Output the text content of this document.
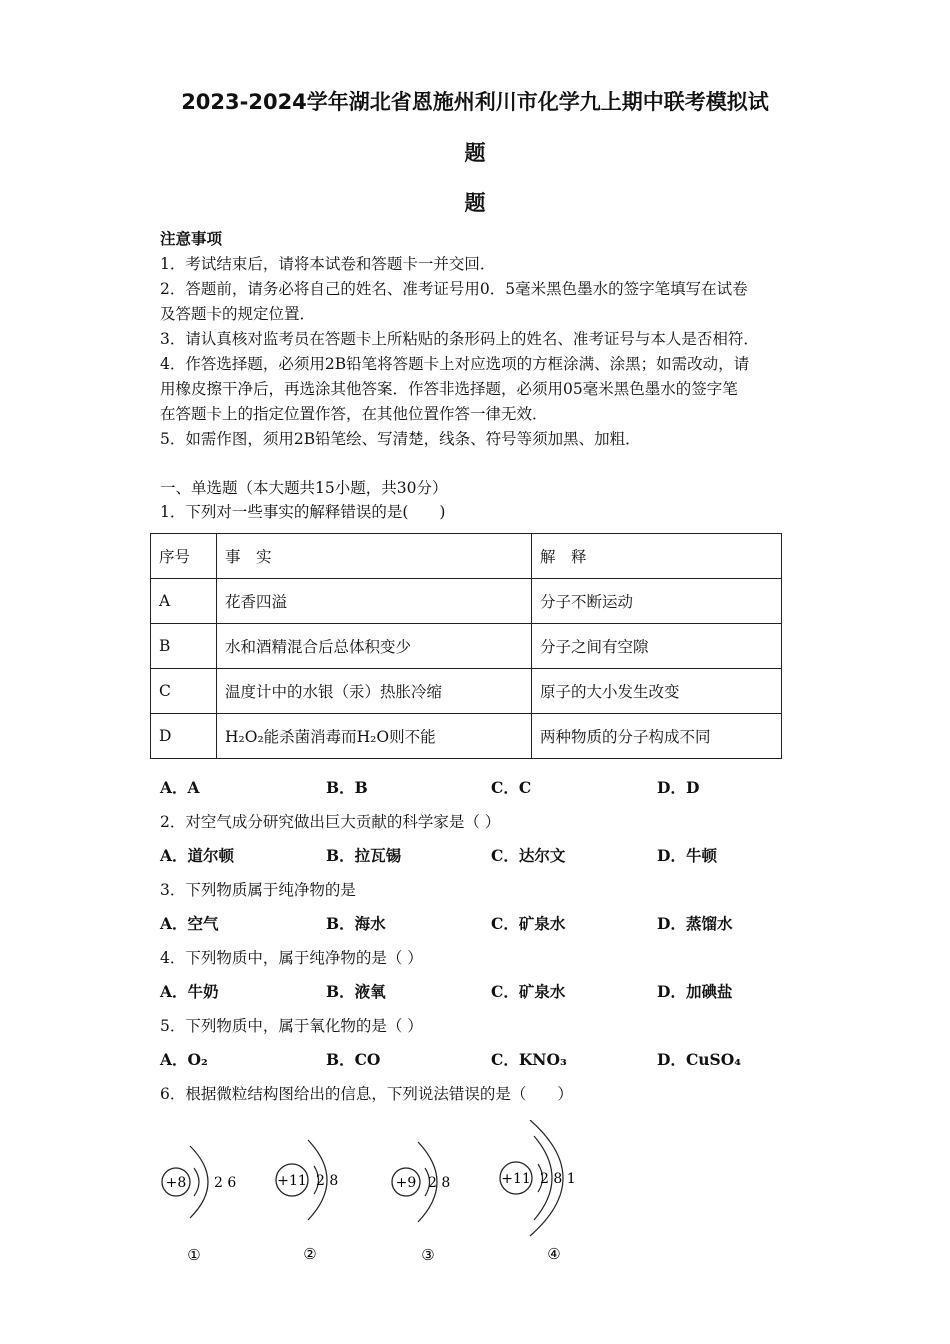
2023-2024学年湖北省恩施州利川市化学九上期中联考模拟试
题
题
注意事项
1．考试结束后，请将本试卷和答题卡一并交回．
2．答题前，请务必将自己的姓名、准考证号用0．5毫米黑色墨水的签字笔填写在试卷
及答题卡的规定位置．
3．请认真核对监考员在答题卡上所粘贴的条形码上的姓名、准考证号与本人是否相符．
4．作答选择题，必须用2B铅笔将答题卡上对应选项的方框涂满、涂黑；如需改动，请
用橡皮擦干净后，再选涂其他答案．作答非选择题，必须用05毫米黑色墨水的签字笔
在答题卡上的指定位置作答，在其他位置作答一律无效．
5．如需作图，须用2B铅笔绘、写清楚，线条、符号等须加黑、加粗．
一、单选题（本大题共15小题，共30分）
1．下列对一些事实的解释错误的是(　　)
序号	事　实	解　释
A	花香四溢	分子不断运动
B	水和酒精混合后总体积变少	分子之间有空隙
C	温度计中的水银（汞）热胀冷缩	原子的大小发生改变
D	H₂O₂能杀菌消毒而H₂O则不能	两种物质的分子构成不同
A．A	B．B	C．C	D．D
2．对空气成分研究做出巨大贡献的科学家是（ ）
A．道尔顿	B．拉瓦锡	C．达尔文	D．牛顿
3．下列物质属于纯净物的是
A．空气	B．海水	C．矿泉水	D．蒸馏水
4．下列物质中，属于纯净物的是（ ）
A．牛奶	B．液氧	C．矿泉水	D．加碘盐
5．下列物质中，属于氧化物的是（ ）
A．O₂	B．CO	C．KNO₃	D．CuSO₄
6．根据微粒结构图给出的信息，下列说法错误的是（　　）
+8 2 6
①
+11 2 8
②
+9 2 8
③
+11 2 8 1
④
